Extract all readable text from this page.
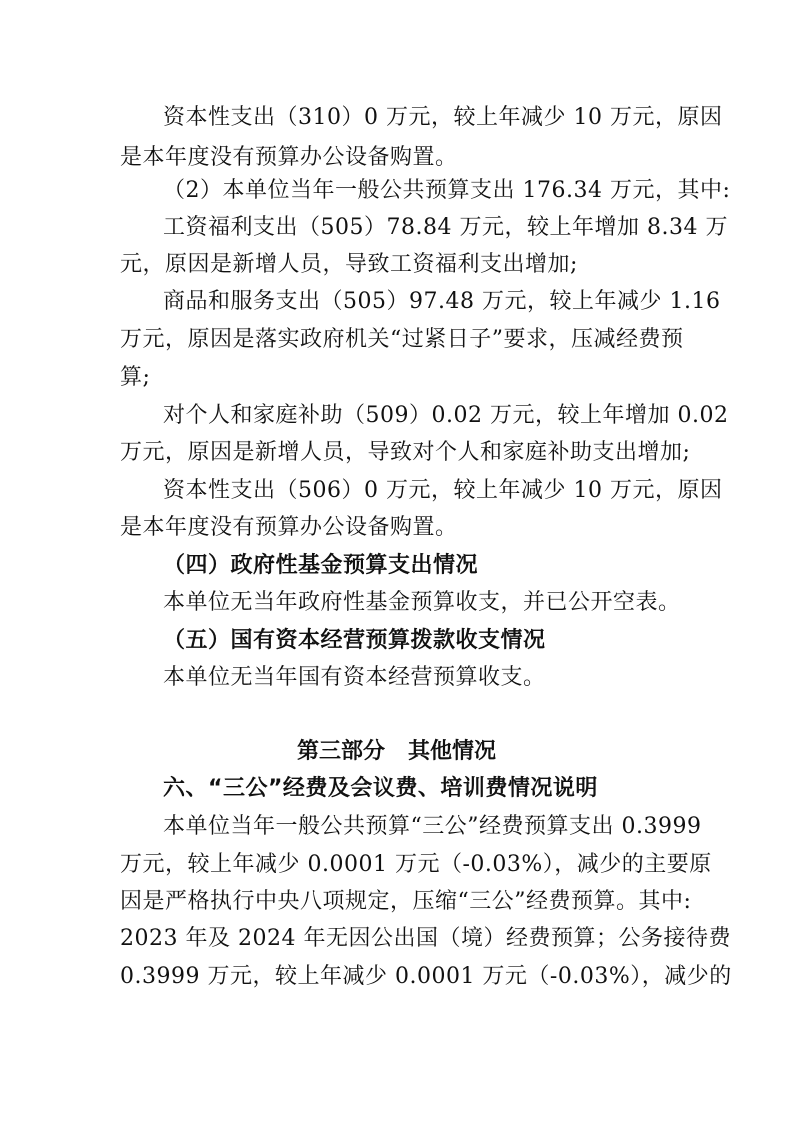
资本性支出（310）0 万元，较上年减少 10 万元，原因
是本年度没有预算办公设备购置。
（2）本单位当年一般公共预算支出 176.34 万元，其中:
工资福利支出（505）78.84 万元，较上年增加 8.34 万
元，原因是新增人员，导致工资福利支出增加;
商品和服务支出（505）97.48 万元，较上年减少 1.16
万元，原因是落实政府机关“过紧日子”要求，压减经费预
算;
对个人和家庭补助（509）0.02 万元，较上年增加 0.02
万元，原因是新增人员，导致对个人和家庭补助支出增加;
资本性支出（506）0 万元，较上年减少 10 万元，原因
是本年度没有预算办公设备购置。
（四）政府性基金预算支出情况
本单位无当年政府性基金预算收支，并已公开空表。
（五）国有资本经营预算拨款收支情况
本单位无当年国有资本经营预算收支。
第三部分   其他情况
六、“三公”经费及会议费、培训费情况说明
本单位当年一般公共预算“三公”经费预算支出 0.3999
万元，较上年减少 0.0001 万元（-0.03%），减少的主要原
因是严格执行中央八项规定，压缩“三公”经费预算。其中:
2023 年及 2024 年无因公出国（境）经费预算；公务接待费
0.3999 万元，较上年减少 0.0001 万元（-0.03%），减少的
